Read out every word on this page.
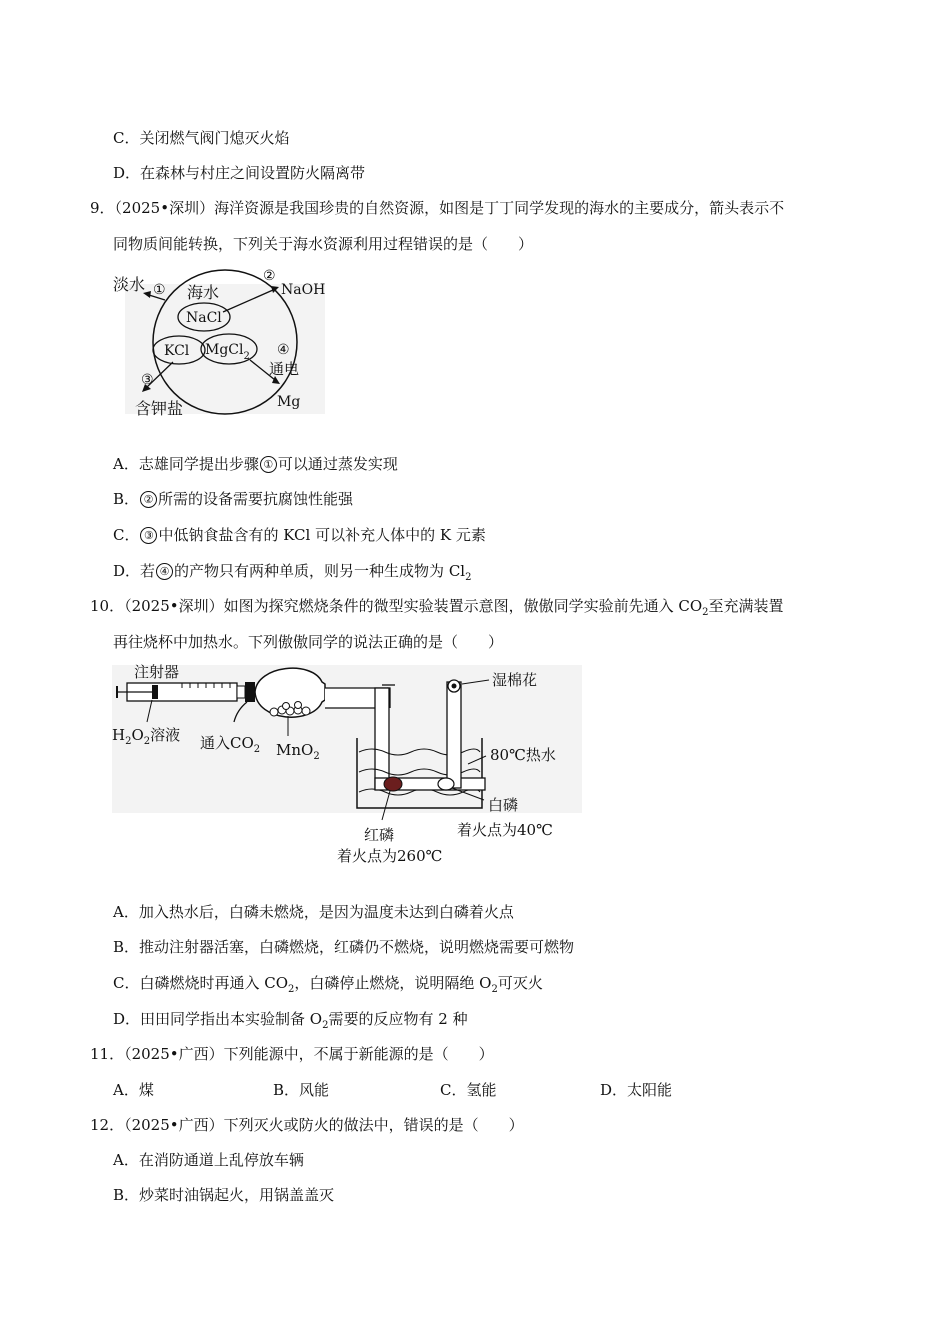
C．关闭燃气阀门熄灭火焰
D．在森林与村庄之间设置防火隔离带
9．（2025•深圳）海洋资源是我国珍贵的自然资源，如图是丁丁同学发现的海水的主要成分，箭头表示不
同物质间能转换，下列关于海水资源利用过程错误的是（　　）
海水
NaCl
KCl MgCl$_2$
淡水 ①
②
NaOH
③
含钾盐
④
通电
Mg
A．志雄同学提出步骤 ① 可以通过蒸发实现
B． ② 所需的设备需要抗腐蚀性能强
C． ③ 中低钠食盐含有的 KCl 可以补充人体中的 K 元素
D．若 ④ 的产物只有两种单质，则另一种生成物为 $Cl_2$
10．（2025•深圳）如图为探究燃烧条件的微型实验装置示意图，傲傲同学实验前先通入 $CO_2$至充满装置
再往烧杯中加热水。下列傲傲同学的说法正确的是（　　）
注射器
$H_2O_2$溶液 通入$CO_2$ MnO$_2$
湿棉花
80℃热水
白磷
着火点为40℃
红磷
着火点为260℃
A．加入热水后，白磷未燃烧，是因为温度未达到白磷着火点
B．推动注射器活塞，白磷燃烧，红磷仍不燃烧，说明燃烧需要可燃物
C．白磷燃烧时再通入 $CO_2$，白磷停止燃烧，说明隔绝 $O_2$可灭火
D．田田同学指出本实验制备 $O_2$需要的反应物有 2 种
11．（2025•广西）下列能源中，不属于新能源的是（　　）
A．煤	B．风能	C．氢能	D．太阳能
12．（2025•广西）下列灭火或防火的做法中，错误的是（　　）
A．在消防通道上乱停放车辆
B．炒菜时油锅起火，用锅盖盖灭
